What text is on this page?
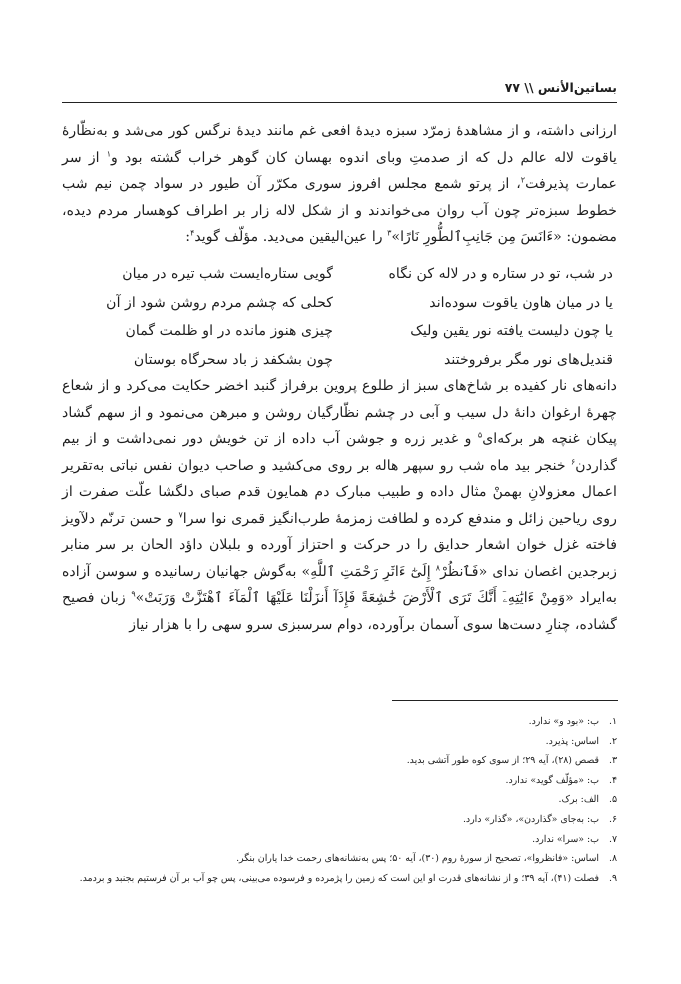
بساتین‌الأنس \\ ۷۷

ارزانی داشته، و از مشاهدهٔ زمرّد سبزه دیدهٔ افعی غم مانند دیدهٔ نرگس کور می‌شد و به‌نظّارهٔ یاقوت لاله عالم دل که از صدمتِ وبای اندوه بهسان کان گوهر خراب گشته بود و$^۱$ از سر عمارت پذیرفت$^۲$، از پرتو شمع مجلس افروز سوری مکرّر آن طیور در سواد چمن نیم شب خطوط سبزه‌تر چون آب روان می‌خواندند و از شکل لاله زار بر اطراف کوهسار مردم دیده، مضمون: «ءَانَسَ مِن جَانِبِ‌ٱلطُّورِ نَارًا»$^۳$ را عین‌الیقین می‌دید. مؤلّف گوید$^۴$:

در شب، تو در ستاره و در لاله کن نگاه
گویی ستاره‌ایست شب تیره در میان
یا در میان هاون یاقوت سوده‌اند
کحلی که چشم مردم روشن شود از آن
یا چون دلیست یافته نور یقین ولیک
چیزی هنوز مانده در او ظلمت گمان
قندیل‌های نور مگر برفروختند
چون بشکفد ز باد سحرگاه بوستان

دانه‌های نار کفیده بر شاخ‌های سبز از طلوع پروین برفراز گنبد اخضر حکایت می‌کرد و از شعاع چهرهٔ ارغوان دانهٔ دل سیب و آبی در چشم نظّارگیان روشن و مبرهن می‌نمود و از سهم گشاد پیکان غنچه هر برکه‌ای$^۵$ و غدیر زره و جوشن آب داده از تن خویش دور نمی‌داشت و از بیم گذاردن$^۶$ خنجر بید ماه شب رو سپهر هاله بر روی می‌کشید و صاحب دیوان نفس نباتی به‌تقریر اعمال معزولانِ بهمنْ مثال داده و طبیب مبارک دم همایون قدم صبای دلگشا علّت صفرت از روی ریاحین زائل و مندفع کرده و لطافت زمزمهٔ طرب‌انگیز قمری نوا سرا$^۷$ و حسن ترنّم دلآویز فاخته غزل خوان اشعار حدایق را در حرکت و احتزاز آورده و بلبلان داؤد الحان بر سر منابر زبرجدین اغصان ندای «فَٱنظُرْ$^۸$ إِلَىٰٓ ءَاثَرِ رَحْمَتِ ٱللَّهِ» به‌گوش جهانیان رسانیده و سوسن آزاده به‌ایراد «وَمِنْ ءَايَٰتِهِۦٓ أَنَّكَ تَرَى ٱلْأَرْضَ خَٰشِعَةً فَإِذَآ أَنزَلْنَا عَلَيْهَا ٱلْمَآءَ ٱهْتَزَّتْ وَرَبَتْ»$^۹$ زبان فصیح گشاده، چنارِ دست‌ها سوی آسمان برآورده، دوام سرسبزی سرو سهی را با هزار نیاز

۱.
ب: «بود و» ندارد.
۲.
اساس: پذیرد.
۳.
قصص (۲۸)، آیه ۲۹؛ از سوی کوه طور آتشی بدید.
۴.
ب: «مؤلّف گوید» ندارد.
۵.
الف: برک.
۶.
ب: به‌جای «گذاردن»، «گذار» دارد.
۷.
ب: «سرا» ندارد.
۸.
اساس: «فانظروا»، تصحیح از سورهٔ روم (۳۰)، آیه ۵۰؛ پس به‌نشانه‌های رحمت خدا یاران بنگر.
۹.
فصلت (۴۱)، آیه ۳۹؛ و از نشانه‌های قدرت او این است که زمین را پژمرده و فرسوده می‌بینی، پس چو آب بر آن فرستیم بجنبد و بردمد.
